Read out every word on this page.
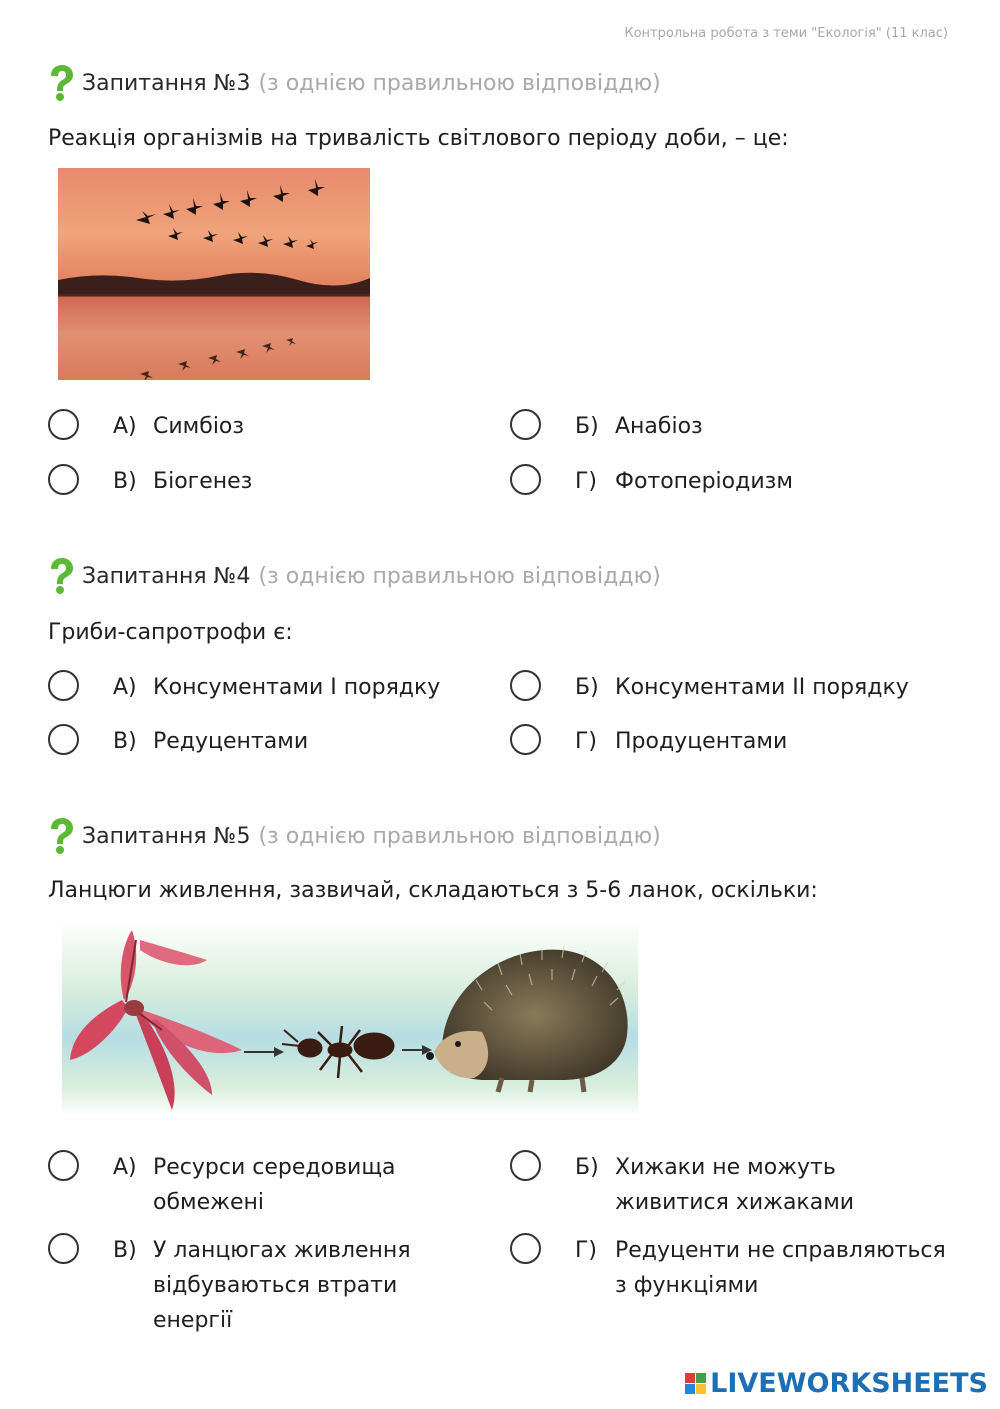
Контрольна робота з теми "Екологія" (11 клас)
Запитання №3 (з однією правильною відповіддю)
Реакція організмів на тривалість світлового періоду доби, – це:
А) Симбіоз	Б) Анабіоз
В) Біогенез	Г) Фотоперіодизм
Запитання №4 (з однією правильною відповіддю)
Гриби-сапротрофи є:
А) Консументами І порядку	Б) Консументами ІІ порядку
В) Редуцентами	Г) Продуцентами
Запитання №5 (з однією правильною відповіддю)
Ланцюги живлення, зазвичай, складаються з 5-6 ланок, оскільки:
А) Ресурси середовища обмежені
Б) Хижаки не можуть живитися хижаками
В) У ланцюгах живлення відбуваються втрати енергії
Г) Редуценти не справляються з функціями
LIVEWORKSHEETS
